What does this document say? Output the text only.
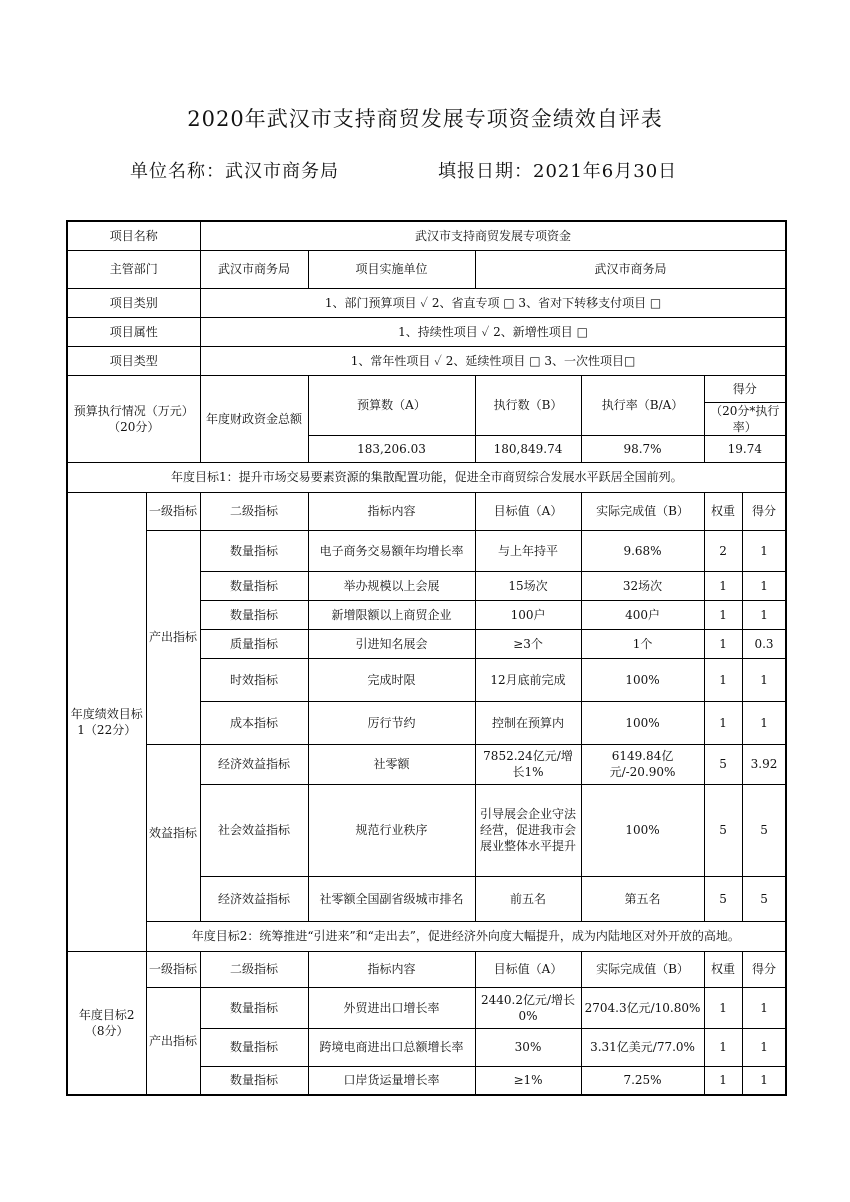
2020年武汉市支持商贸发展专项资金绩效自评表
单位名称：武汉市商务局	填报日期：2021年6月30日
项目名称		武汉市支持商贸发展专项资金					
主管部门		武汉市商务局	项目实施单位	武汉市商务局			
项目类别		1、部门预算项目 ✓ 2、省直专项 □ 3、省对下转移支付项目 □					
项目属性		1、持续性项目 ✓ 2、新增性项目 □					
项目类型		1、常年性项目 ✓ 2、延续性项目 □ 3、一次性项目□					
预算执行情况（万元）（20分）		年度财政资金总额	预算数（A）	执行数（B）	执行率（B/A）	得分	
						（20分*执行率）	
			183,206.03	180,849.74	98.7%	19.74	
年度目标1：提升市场交易要素资源的集散配置功能，促进全市商贸综合发展水平跃居全国前列。							
年度绩效目标1（22分）	一级指标	二级指标	指标内容	目标值（A）	实际完成值（B）	权重	得分
	产出指标	数量指标	电子商务交易额年均增长率	与上年持平	9.68%	2	1
		数量指标	举办规模以上会展	15场次	32场次	1	1
		数量指标	新增限额以上商贸企业	100户	400户	1	1
		质量指标	引进知名展会	≥3个	1个	1	0.3
		时效指标	完成时限	12月底前完成	100%	1	1
		成本指标	厉行节约	控制在预算内	100%	1	1
	效益指标	经济效益指标	社零额	7852.24亿元/增长1%	6149.84亿元/-20.90%	5	3.92
		社会效益指标	规范行业秩序	引导展会企业守法经营，促进我市会展业整体水平提升	100%	5	5
		经济效益指标	社零额全国副省级城市排名	前五名	第五名	5	5
	年度目标2：统筹推进“引进来”和“走出去”，促进经济外向度大幅提升，成为内陆地区对外开放的高地。						
年度目标2（8分）	一级指标	二级指标	指标内容	目标值（A）	实际完成值（B）	权重	得分
	产出指标	数量指标	外贸进出口增长率	2440.2亿元/增长0%	2704.3亿元/10.80%	1	1
		数量指标	跨境电商进出口总额增长率	30%	3.31亿美元/77.0%	1	1
		数量指标	口岸货运量增长率	≥1%	7.25%	1	1
